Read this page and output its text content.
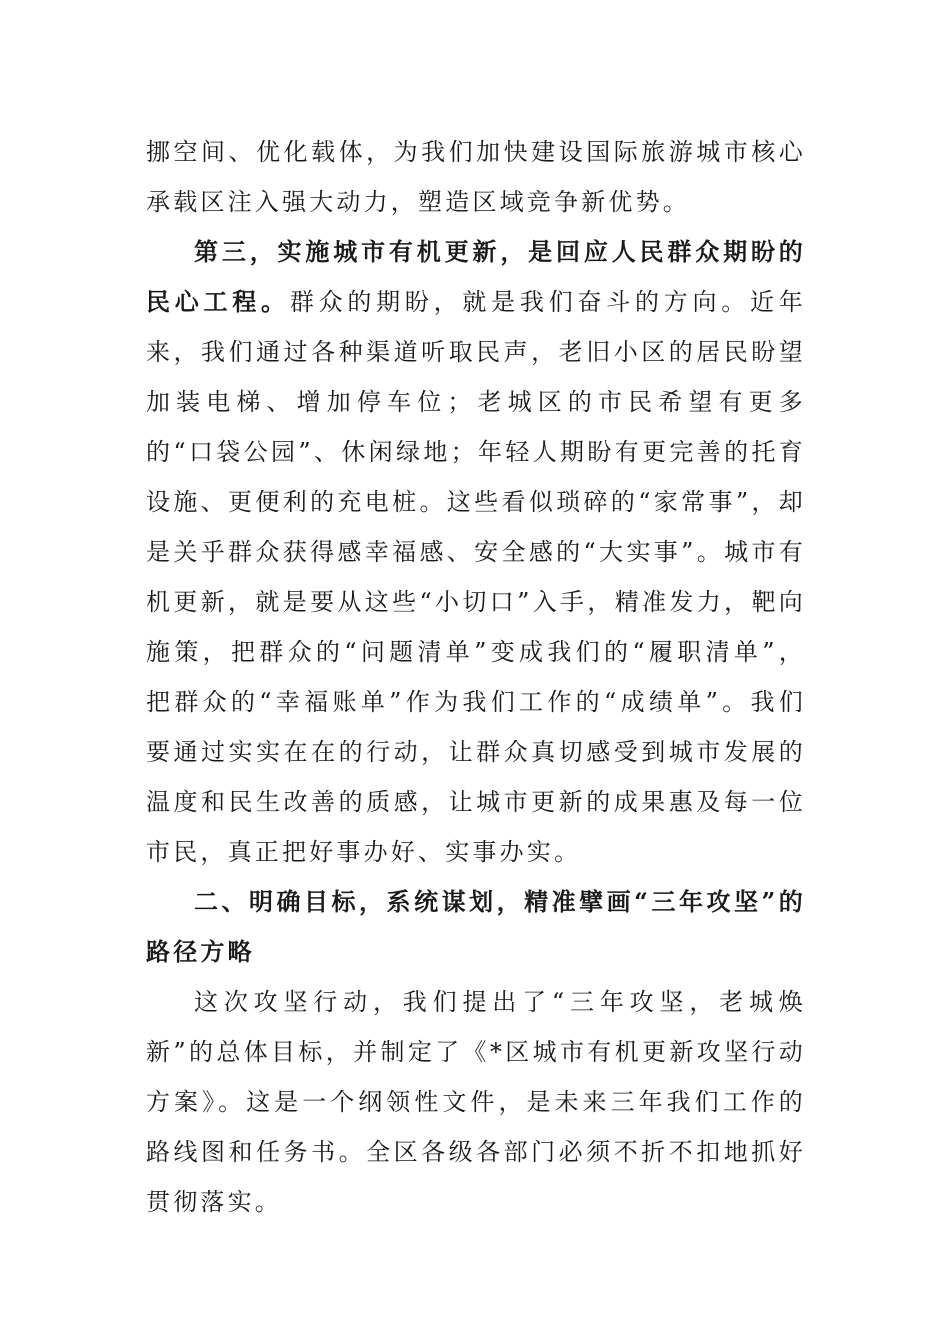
挪空间、优化载体，为我们加快建设国际旅游城市核心承载区注入强大动力，塑造区域竞争新优势。

第三，实施城市有机更新，是回应人民群众期盼的民心工程。群众的期盼，就是我们奋斗的方向。近年来，我们通过各种渠道听取民声，老旧小区的居民盼望加装电梯、增加停车位；老城区的市民希望有更多的“口袋公园”、休闲绿地；年轻人期盼有更完善的托育设施、更便利的充电桩。这些看似琐碎的“家常事”，却是关乎群众获得感幸福感、安全感的“大实事”。城市有机更新，就是要从这些“小切口”入手，精准发力，靶向施策，把群众的“问题清单”变成我们的“履职清单”，把群众的“幸福账单”作为我们工作的“成绩单”。我们要通过实实在在的行动，让群众真切感受到城市发展的温度和民生改善的质感，让城市更新的成果惠及每一位市民，真正把好事办好、实事办实。

二、明确目标，系统谋划，精准擘画“三年攻坚”的路径方略

这次攻坚行动，我们提出了“三年攻坚，老城焕新”的总体目标，并制定了《*区城市有机更新攻坚行动方案》。这是一个纲领性文件，是未来三年我们工作的路线图和任务书。全区各级各部门必须不折不扣地抓好贯彻落实。
